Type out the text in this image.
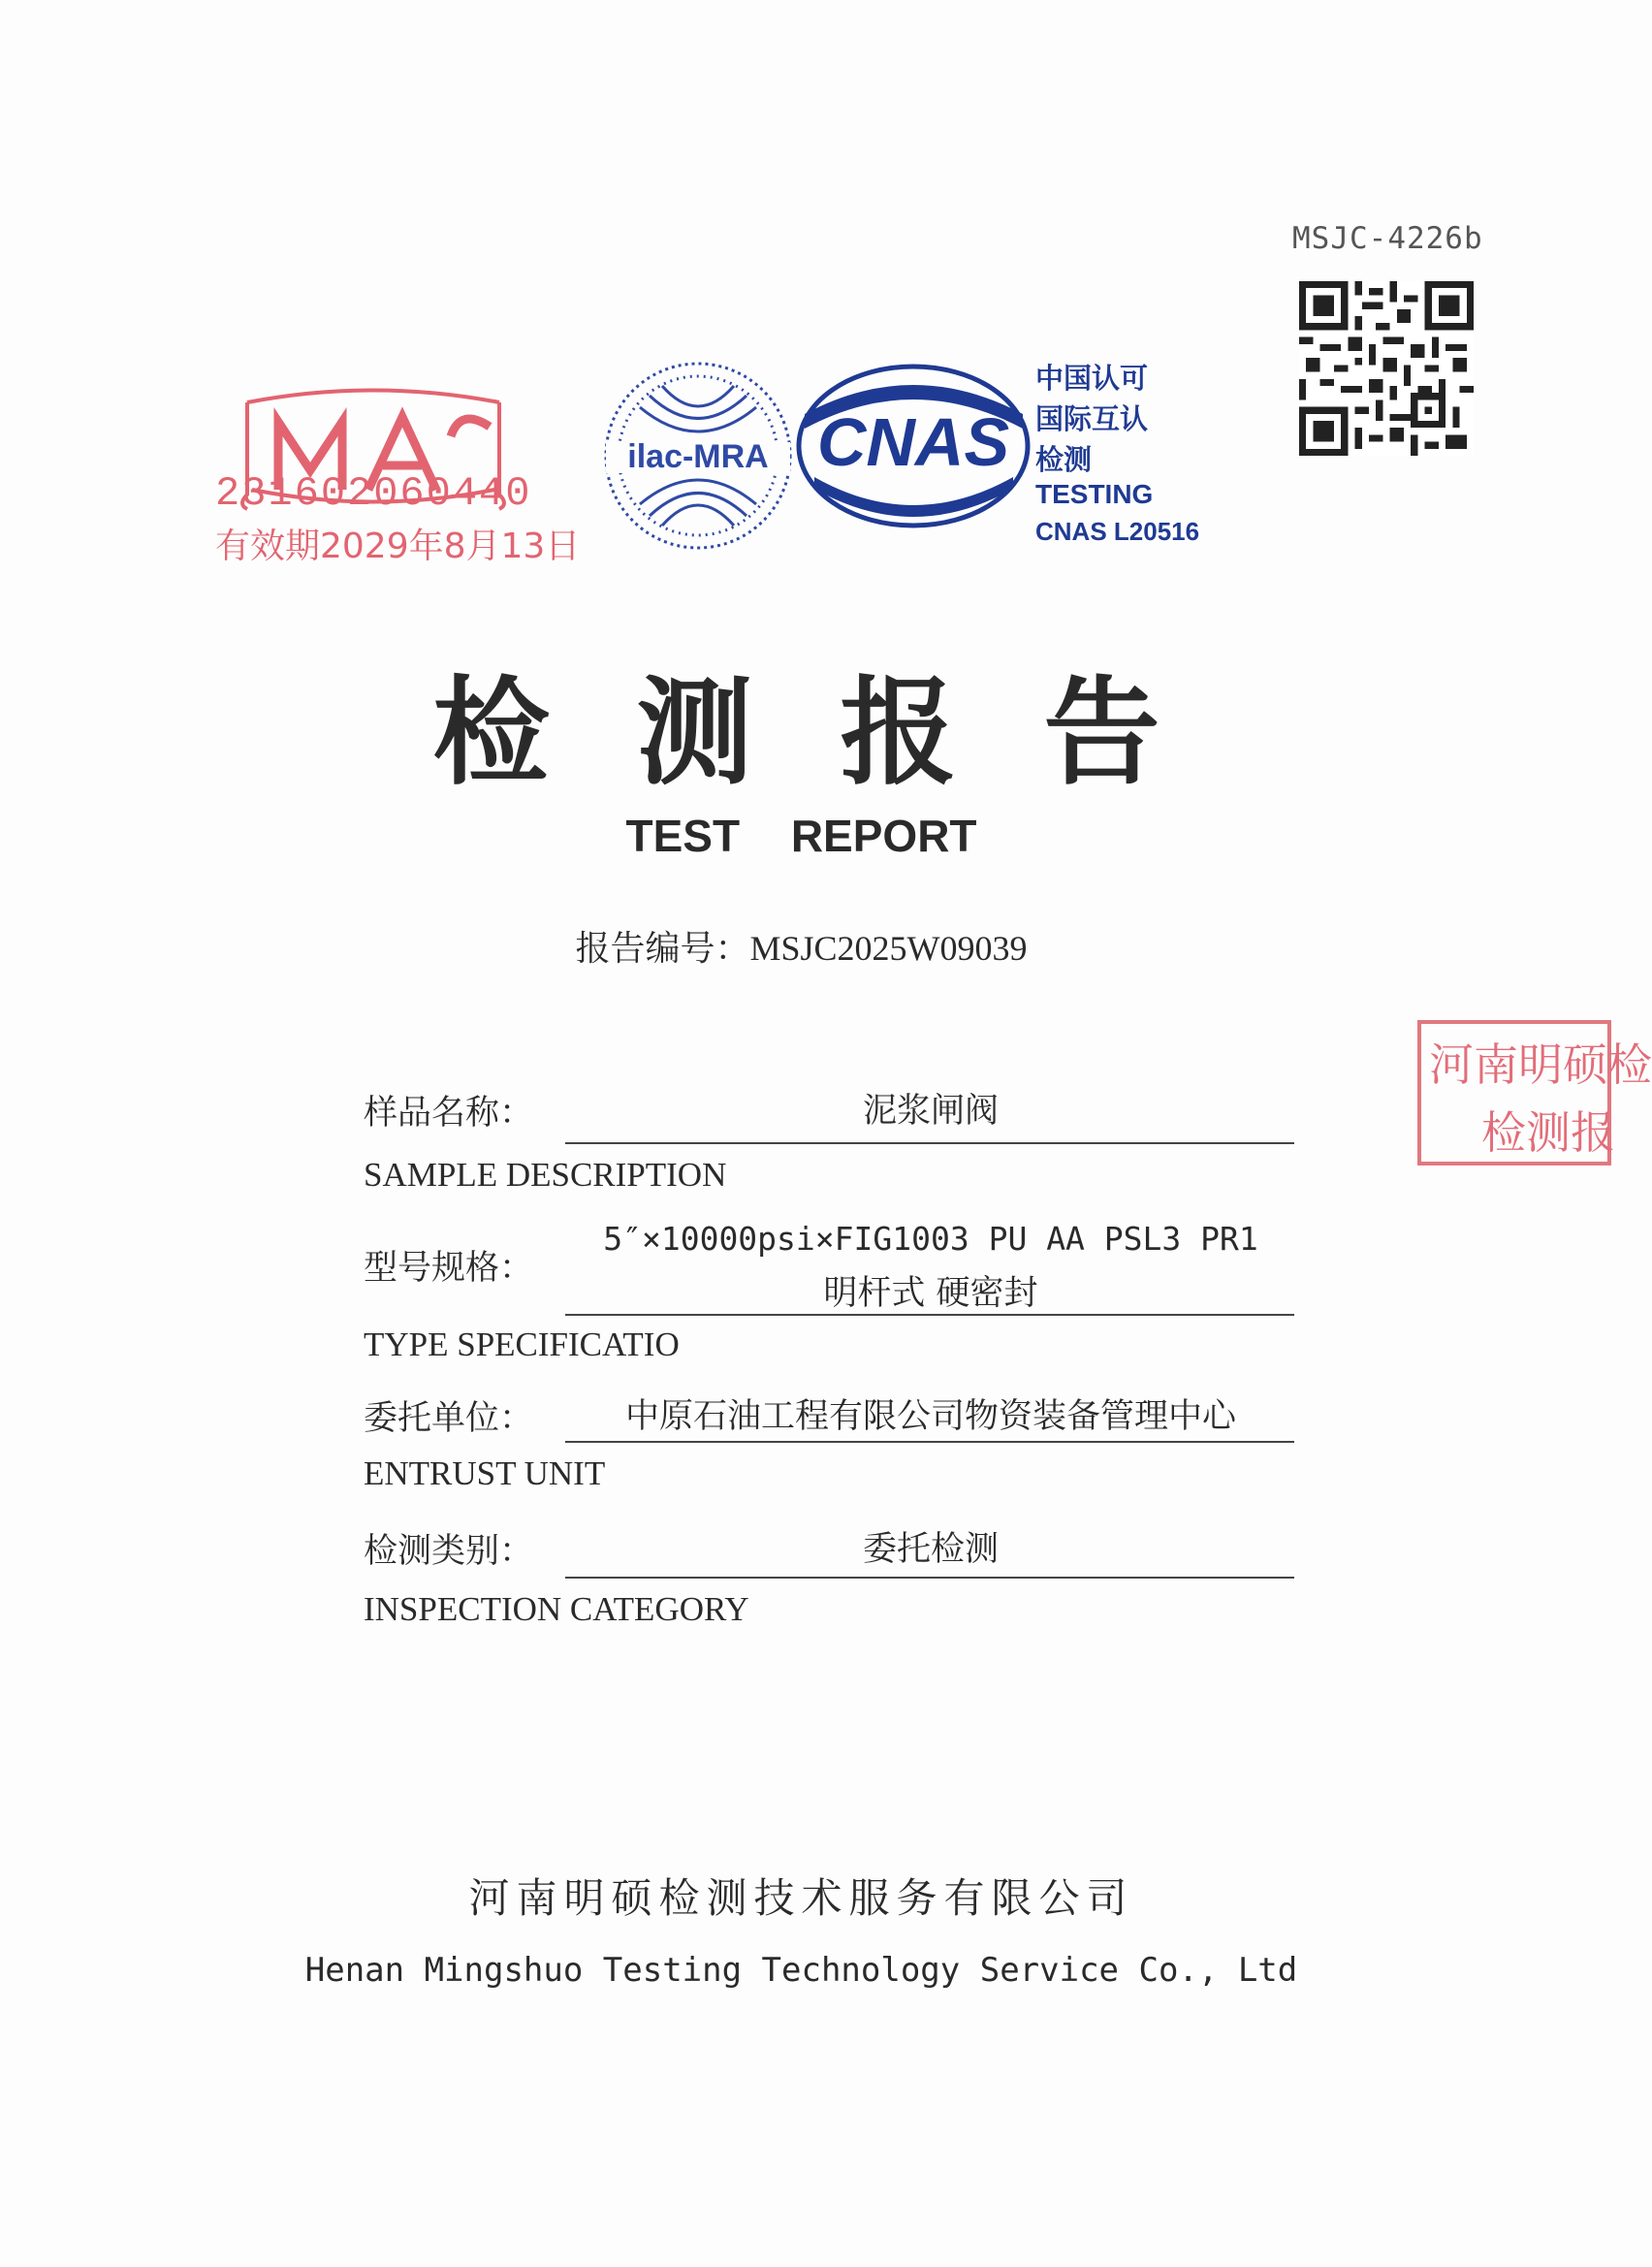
MSJC-4226b
231602060440
有效期2029年8月13日
ilac-MRA CNAS
中国认可
国际互认
检测
TESTING
CNAS L20516
检测报告
TEST REPORT
报告编号：MSJC2025W09039
河南明硕检
检测报
样品名称：	泥浆闸阀
SAMPLE DESCRIPTION
型号规格：
5″×10000psi×FIG1003 PU AA PSL3 PR1
明杆式 硬密封
TYPE SPECIFICATIO
委托单位：	中原石油工程有限公司物资装备管理中心
ENTRUST UNIT
检测类别：	委托检测
INSPECTION CATEGORY
河南明硕检测技术服务有限公司
Henan Mingshuo Testing Technology Service Co., Ltd
